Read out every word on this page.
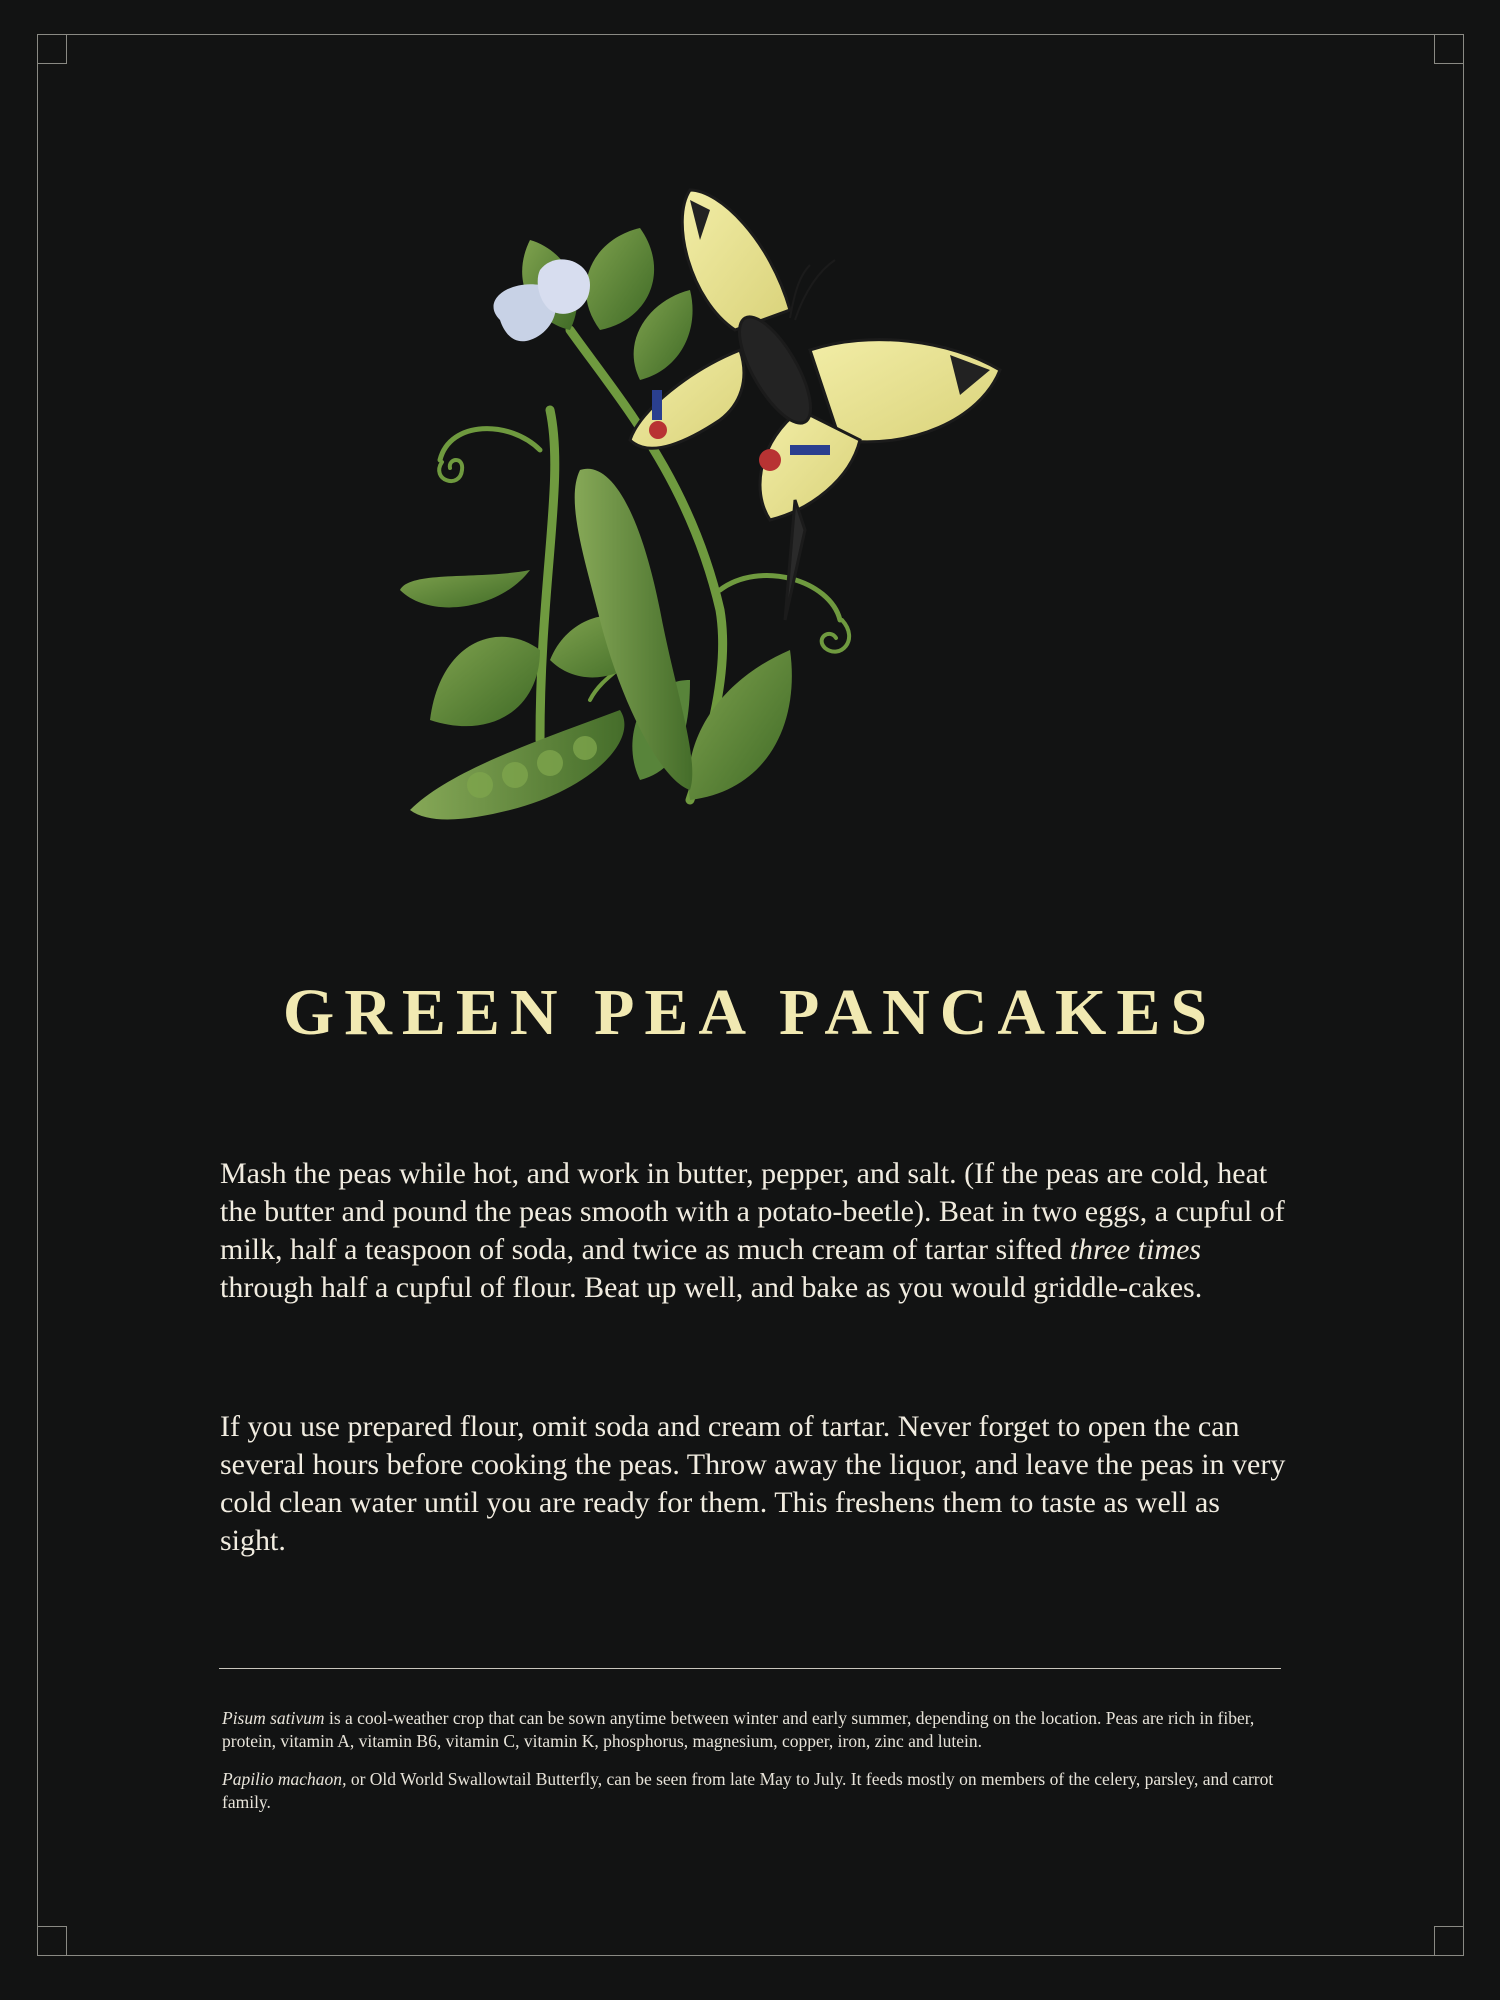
GREEN PEA PANCAKES

Mash the peas while hot, and work in butter, pepper, and salt. (If the peas are cold, heat the butter and pound the peas smooth with a potato-beetle). Beat in two eggs, a cupful of milk, half a teaspoon of soda, and twice as much cream of tartar sifted three times through half a cupful of flour. Beat up well, and bake as you would griddle-cakes.

If you use prepared flour, omit soda and cream of tartar. Never forget to open the can several hours before cooking the peas. Throw away the liquor, and leave the peas in very cold clean water until you are ready for them. This freshens them to taste as well as sight.

Pisum sativum is a cool-weather crop that can be sown anytime between winter and early summer, depending on the location. Peas are rich in fiber, protein, vitamin A, vitamin B6, vitamin C, vitamin K, phosphorus, magnesium, copper, iron, zinc and lutein.

Papilio machaon, or Old World Swallowtail Butterfly, can be seen from late May to July. It feeds mostly on members of the celery, parsley, and carrot family.
